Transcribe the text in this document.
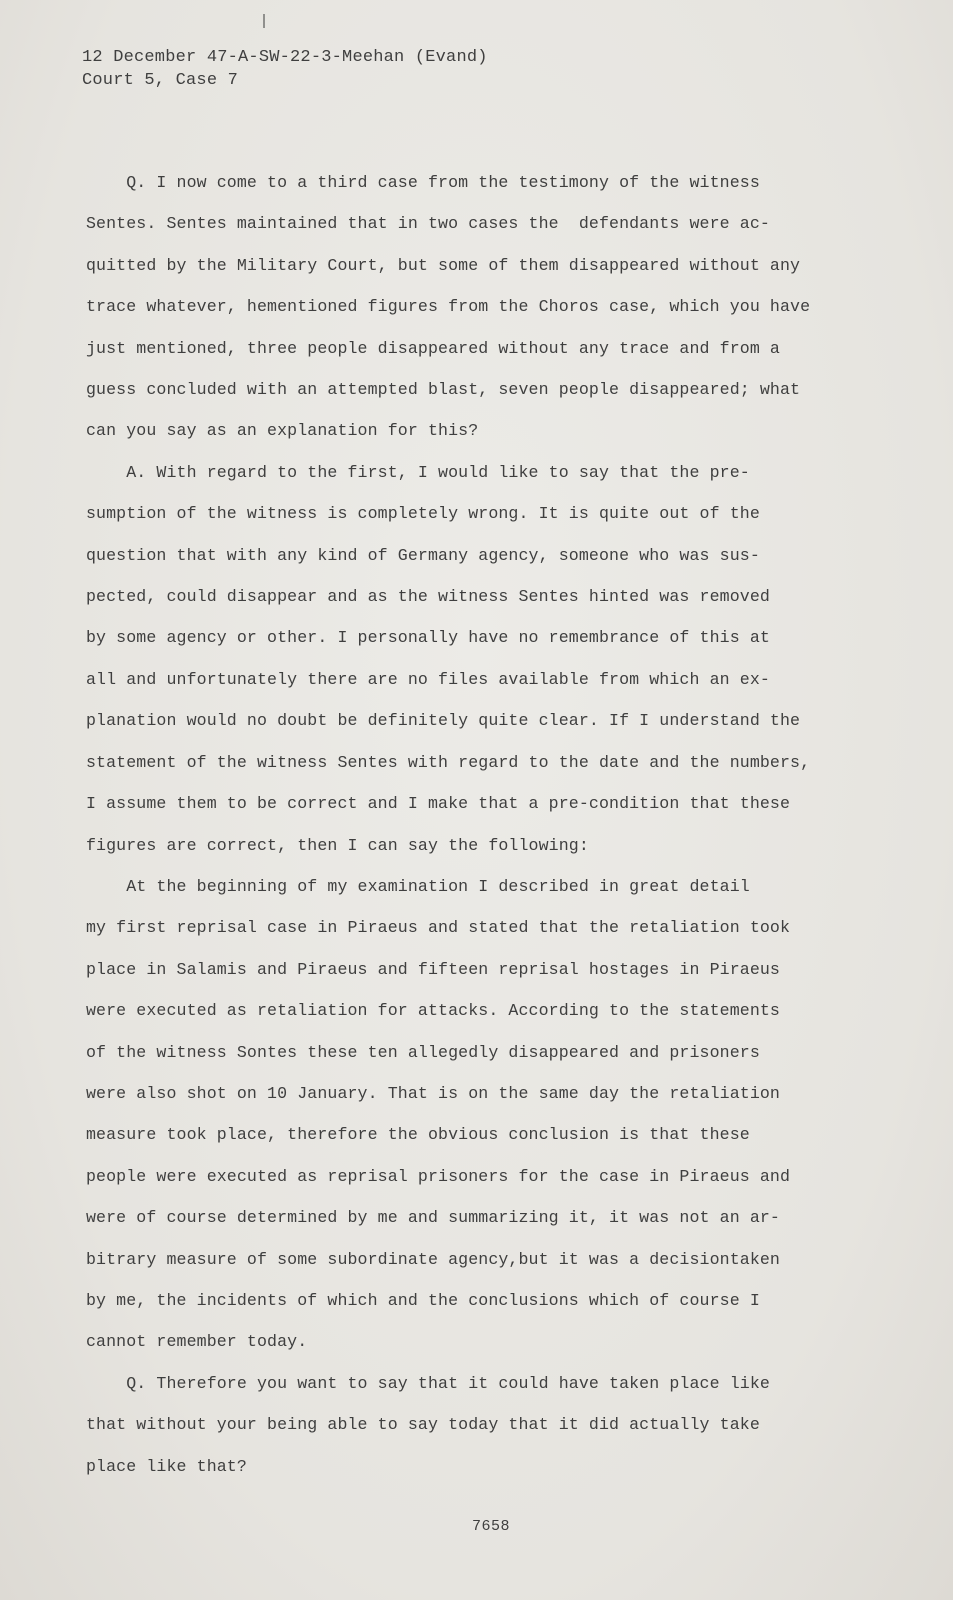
12 December 47-A-SW-22-3-Meehan (Evand)
Court 5, Case 7
Q. I now come to a third case from the testimony of the witness
Sentes. Sentes maintained that in two cases the  defendants were ac-
quitted by the Military Court, but some of them disappeared without any
trace whatever, hementioned figures from the Choros case, which you have
just mentioned, three people disappeared without any trace and from a
guess concluded with an attempted blast, seven people disappeared; what
can you say as an explanation for this?
A. With regard to the first, I would like to say that the pre-
sumption of the witness is completely wrong. It is quite out of the
question that with any kind of Germany agency, someone who was sus-
pected, could disappear and as the witness Sentes hinted was removed
by some agency or other. I personally have no remembrance of this at
all and unfortunately there are no files available from which an ex-
planation would no doubt be definitely quite clear. If I understand the
statement of the witness Sentes with regard to the date and the numbers,
I assume them to be correct and I make that a pre-condition that these
figures are correct, then I can say the following:
At the beginning of my examination I described in great detail
my first reprisal case in Piraeus and stated that the retaliation took
place in Salamis and Piraeus and fifteen reprisal hostages in Piraeus
were executed as retaliation for attacks. According to the statements
of the witness Sontes these ten allegedly disappeared and prisoners
were also shot on 10 January. That is on the same day the retaliation
measure took place, therefore the obvious conclusion is that these
people were executed as reprisal prisoners for the case in Piraeus and
were of course determined by me and summarizing it, it was not an ar-
bitrary measure of some subordinate agency,but it was a decisiontaken
by me, the incidents of which and the conclusions which of course I
cannot remember today.
Q. Therefore you want to say that it could have taken place like
that without your being able to say today that it did actually take
place like that?
7658
